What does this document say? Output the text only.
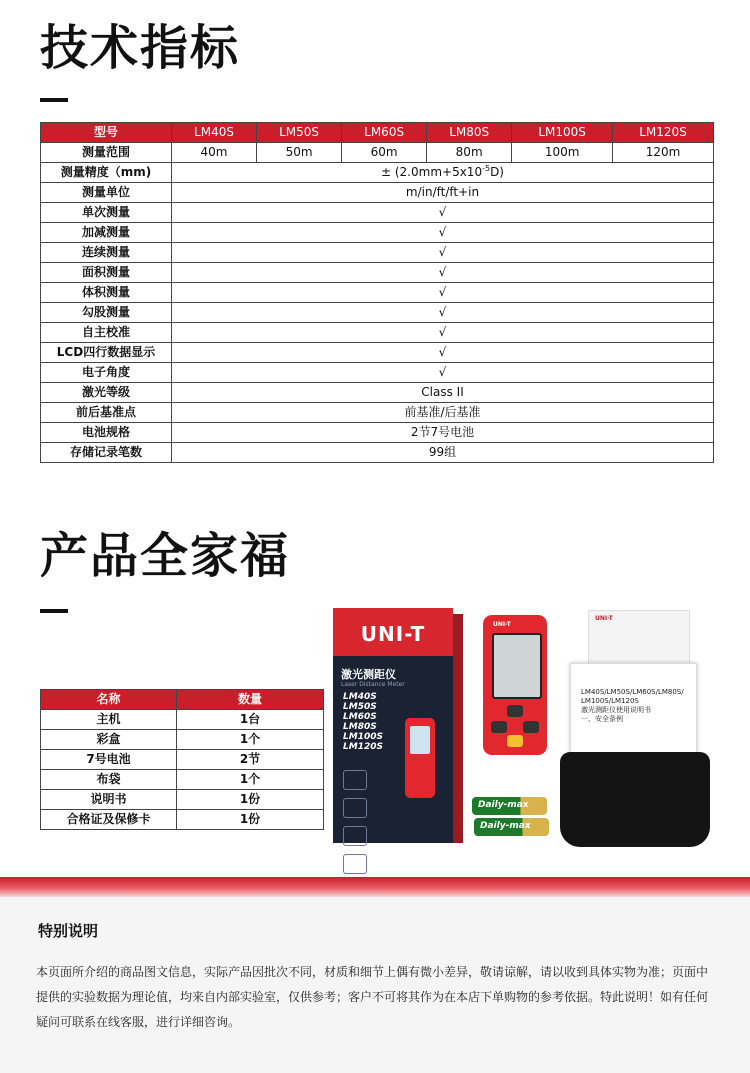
技术指标
型号	LM40S	LM50S	LM60S	LM80S	LM100S	LM120S
测量范围	40m	50m	60m	80m	100m	120m
测量精度（mm)	± $(2.0mm+5x10^{-5}D)$					
测量单位	m/in/ft/ft+in					
单次测量	√					
加减测量	√					
连续测量	√					
面积测量	√					
体积测量	√					
勾股测量	√					
自主校准	√					
LCD四行数据显示	√					
电子角度	√					
激光等级	Class II					
前后基准点	前基准/后基准					
电池规格	2节7号电池					
存储记录笔数	99组					
产品全家福
名称	数量
主机	1台
彩盒	1个
7号电池	2节
布袋	1个
说明书	1份
合格证及保修卡	1份
UNI-T
激光测距仪
Laser Distance Meter
LM40S
LM50S
LM60S
LM80S
LM100S
LM120S
UNI-T
Daily-max
Daily-max
UNI-T
LM40S/LM50S/LM60S/LM80S/
LM100S/LM120S
激光测距仪使用说明书
一、安全条例
特别说明
本页面所介绍的商品图文信息，实际产品因批次不同，材质和细节上偶有微小差异，敬请谅解，请以收到具体实物为准；页面中提供的实验数据为理论值，均来自内部实验室，仅供参考；客户不可将其作为在本店下单购物的参考依据。特此说明！如有任何疑问可联系在线客服，进行详细咨询。
